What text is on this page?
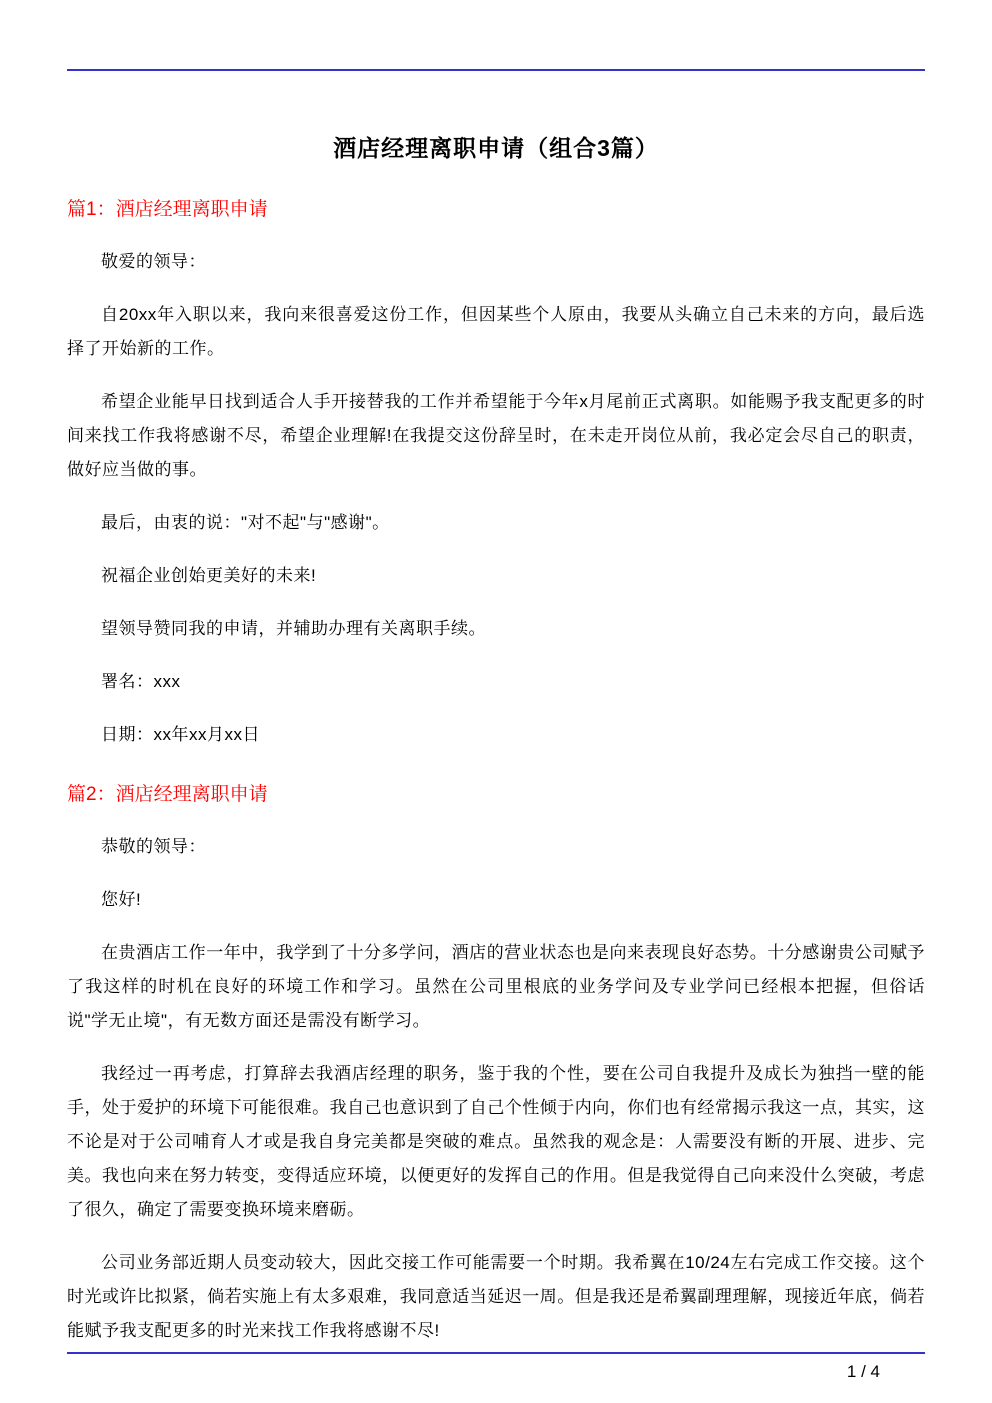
酒店经理离职申请（组合3篇）
篇1：酒店经理离职申请

敬爱的领导：

自20xx年入职以来，我向来很喜爱这份工作，但因某些个人原由，我要从头确立自己未来的方向，最后选择了开始新的工作。

希望企业能早日找到适合人手开接替我的工作并希望能于今年x月尾前正式离职。如能赐予我支配更多的时间来找工作我将感谢不尽，希望企业理解!在我提交这份辞呈时，在未走开岗位从前，我必定会尽自己的职责，做好应当做的事。

最后，由衷的说："对不起"与"感谢"。

祝福企业创始更美好的未来!

望领导赞同我的申请，并辅助办理有关离职手续。

署名：xxx

日期：xx年xx月xx日

篇2：酒店经理离职申请

恭敬的领导：

您好!

在贵酒店工作一年中，我学到了十分多学问，酒店的营业状态也是向来表现良好态势。十分感谢贵公司赋予了我这样的时机在良好的环境工作和学习。虽然在公司里根底的业务学问及专业学问已经根本把握，但俗话说"学无止境"，有无数方面还是需没有断学习。

我经过一再考虑，打算辞去我酒店经理的职务，鉴于我的个性，要在公司自我提升及成长为独挡一壁的能手，处于爱护的环境下可能很难。我自己也意识到了自己个性倾于内向，你们也有经常揭示我这一点，其实，这不论是对于公司哺育人才或是我自身完美都是突破的难点。虽然我的观念是：人需要没有断的开展、进步、完美。我也向来在努力转变，变得适应环境，以便更好的发挥自己的作用。但是我觉得自己向来没什么突破，考虑了很久，确定了需要变换环境来磨砺。

公司业务部近期人员变动较大，因此交接工作可能需要一个时期。我希翼在10/24左右完成工作交接。这个时光或许比拟紧，倘若实施上有太多艰难，我同意适当延迟一周。但是我还是希翼副理理解，现接近年底，倘若能赋予我支配更多的时光来找工作我将感谢不尽!

1 / 4
